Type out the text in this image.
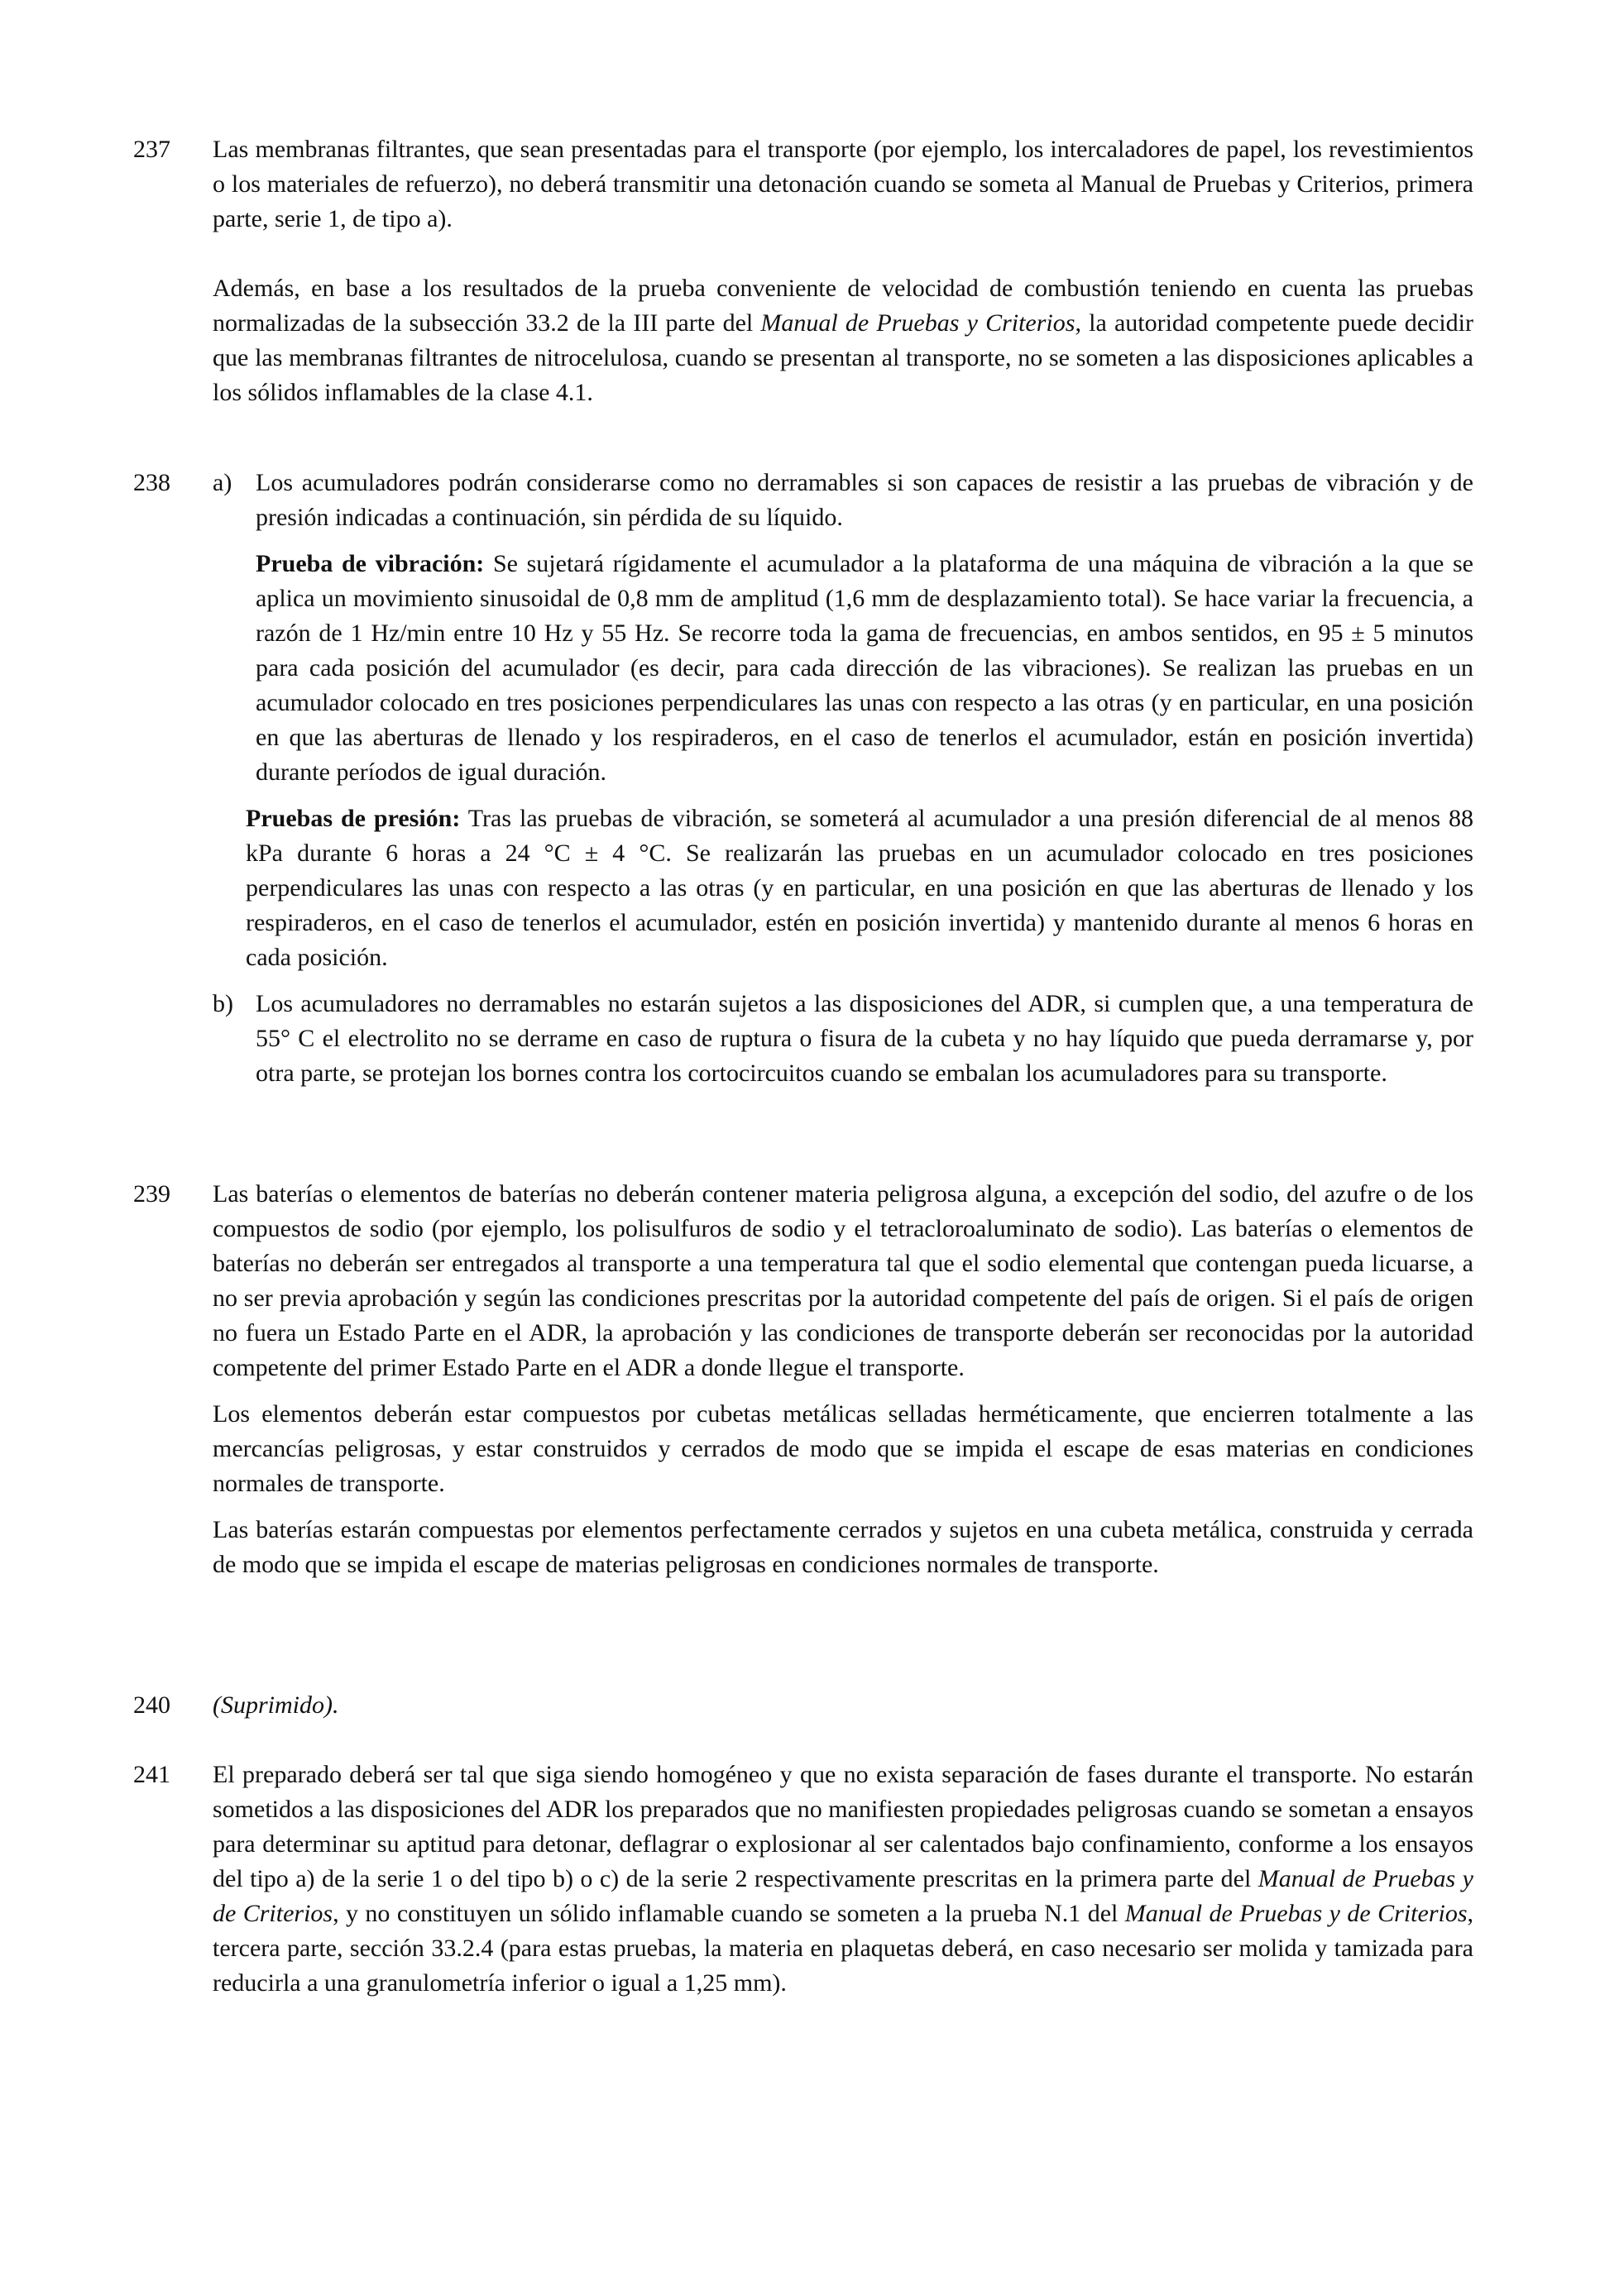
237	Las membranas filtrantes, que sean presentadas para el transporte (por ejemplo, los intercaladores de papel, los revestimientos o los materiales de refuerzo), no deberá transmitir una detonación cuando se someta al Manual de Pruebas y Criterios, primera parte, serie 1, de tipo a).

Además, en base a los resultados de la prueba conveniente de velocidad de combustión teniendo en cuenta las pruebas normalizadas de la subsección 33.2 de la III parte del Manual de Pruebas y Criterios, la autoridad competente puede decidir que las membranas filtrantes de nitrocelulosa, cuando se presentan al transporte, no se someten a las disposiciones aplicables a los sólidos inflamables de la clase 4.1.

238	a) Los acumuladores podrán considerarse como no derramables si son capaces de resistir a las pruebas de vibración y de presión indicadas a continuación, sin pérdida de su líquido.

Prueba de vibración: Se sujetará rígidamente el acumulador a la plataforma de una máquina de vibración a la que se aplica un movimiento sinusoidal de 0,8 mm de amplitud (1,6 mm de desplazamiento total). Se hace variar la frecuencia, a razón de 1 Hz/min entre 10 Hz y 55 Hz. Se recorre toda la gama de frecuencias, en ambos sentidos, en 95 ± 5 minutos para cada posición del acumulador (es decir, para cada dirección de las vibraciones). Se realizan las pruebas en un acumulador colocado en tres posiciones perpendiculares las unas con respecto a las otras (y en particular, en una posición en que las aberturas de llenado y los respiraderos, en el caso de tenerlos el acumulador, están en posición invertida) durante períodos de igual duración.

Pruebas de presión: Tras las pruebas de vibración, se someterá al acumulador a una presión diferencial de al menos 88 kPa durante 6 horas a 24 °C ± 4 °C. Se realizarán las pruebas en un acumulador colocado en tres posiciones perpendiculares las unas con respecto a las otras (y en particular, en una posición en que las aberturas de llenado y los respiraderos, en el caso de tenerlos el acumulador, estén en posición invertida) y mantenido durante al menos 6 horas en cada posición.

b) Los acumuladores no derramables no estarán sujetos a las disposiciones del ADR, si cumplen que, a una temperatura de 55° C el electrolito no se derrame en caso de ruptura o fisura de la cubeta y no hay líquido que pueda derramarse y, por otra parte, se protejan los bornes contra los cortocircuitos cuando se embalan los acumuladores para su transporte.

239	Las baterías o elementos de baterías no deberán contener materia peligrosa alguna, a excepción del sodio, del azufre o de los compuestos de sodio (por ejemplo, los polisulfuros de sodio y el tetracloroaluminato de sodio). Las baterías o elementos de baterías no deberán ser entregados al transporte a una temperatura tal que el sodio elemental que contengan pueda licuarse, a no ser previa aprobación y según las condiciones prescritas por la autoridad competente del país de origen. Si el país de origen no fuera un Estado Parte en el ADR, la aprobación y las condiciones de transporte deberán ser reconocidas por la autoridad competente del primer Estado Parte en el ADR a donde llegue el transporte.

Los elementos deberán estar compuestos por cubetas metálicas selladas herméticamente, que encierren totalmente a las mercancías peligrosas, y estar construidos y cerrados de modo que se impida el escape de esas materias en condiciones normales de transporte.

Las baterías estarán compuestas por elementos perfectamente cerrados y sujetos en una cubeta metálica, construida y cerrada de modo que se impida el escape de materias peligrosas en condiciones normales de transporte.

240	(Suprimido).

241	El preparado deberá ser tal que siga siendo homogéneo y que no exista separación de fases durante el transporte. No estarán sometidos a las disposiciones del ADR los preparados que no manifiesten propiedades peligrosas cuando se sometan a ensayos para determinar su aptitud para detonar, deflagrar o explosionar al ser calentados bajo confinamiento, conforme a los ensayos del tipo a) de la serie 1 o del tipo b) o c) de la serie 2 respectivamente prescritas en la primera parte del Manual de Pruebas y de Criterios, y no constituyen un sólido inflamable cuando se someten a la prueba N.1 del Manual de Pruebas y de Criterios, tercera parte, sección 33.2.4 (para estas pruebas, la materia en plaquetas deberá, en caso necesario ser molida y tamizada para reducirla a una granulometría inferior o igual a 1,25 mm).
